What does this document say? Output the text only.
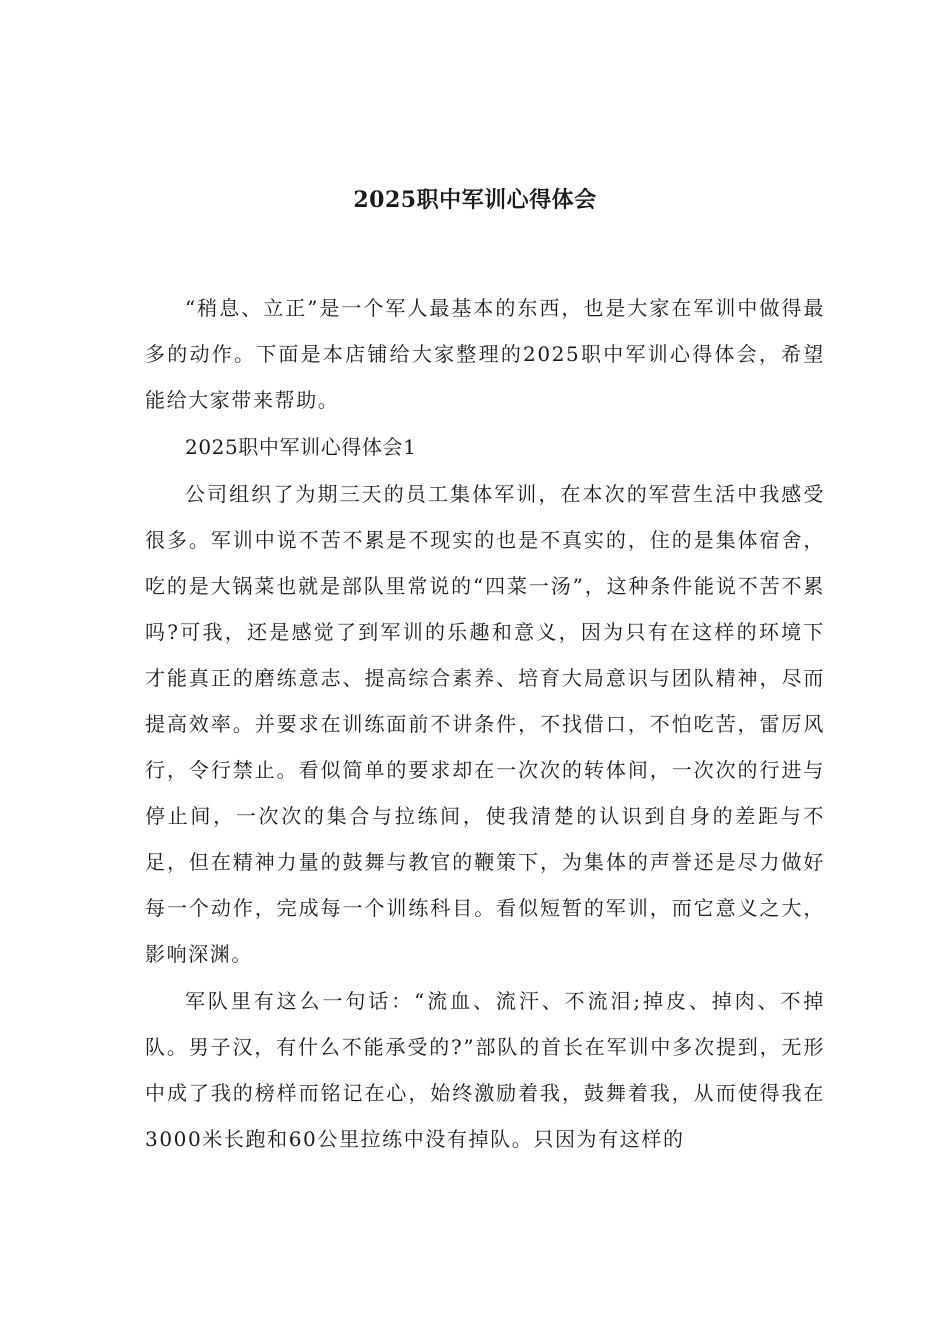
2025职中军训心得体会

“稍息、立正”是一个军人最基本的东西，也是大家在军训中做得最多的动作。下面是本店铺给大家整理的2025职中军训心得体会，希望能给大家带来帮助。

2025职中军训心得体会1

公司组织了为期三天的员工集体军训，在本次的军营生活中我感受很多。军训中说不苦不累是不现实的也是不真实的，住的是集体宿舍，吃的是大锅菜也就是部队里常说的“四菜一汤”，这种条件能说不苦不累吗?可我，还是感觉了到军训的乐趣和意义，因为只有在这样的环境下才能真正的磨练意志、提高综合素养、培育大局意识与团队精神，尽而提高效率。并要求在训练面前不讲条件，不找借口，不怕吃苦，雷厉风行，令行禁止。看似简单的要求却在一次次的转体间，一次次的行进与停止间，一次次的集合与拉练间，使我清楚的认识到自身的差距与不足，但在精神力量的鼓舞与教官的鞭策下，为集体的声誉还是尽力做好每一个动作，完成每一个训练科目。看似短暂的军训，而它意义之大，影响深渊。

军队里有这么一句话：“流血、流汗、不流泪;掉皮、掉肉、不掉队。男子汉，有什么不能承受的?”部队的首长在军训中多次提到，无形中成了我的榜样而铭记在心，始终激励着我，鼓舞着我，从而使得我在3000米长跑和60公里拉练中没有掉队。只因为有这样的
